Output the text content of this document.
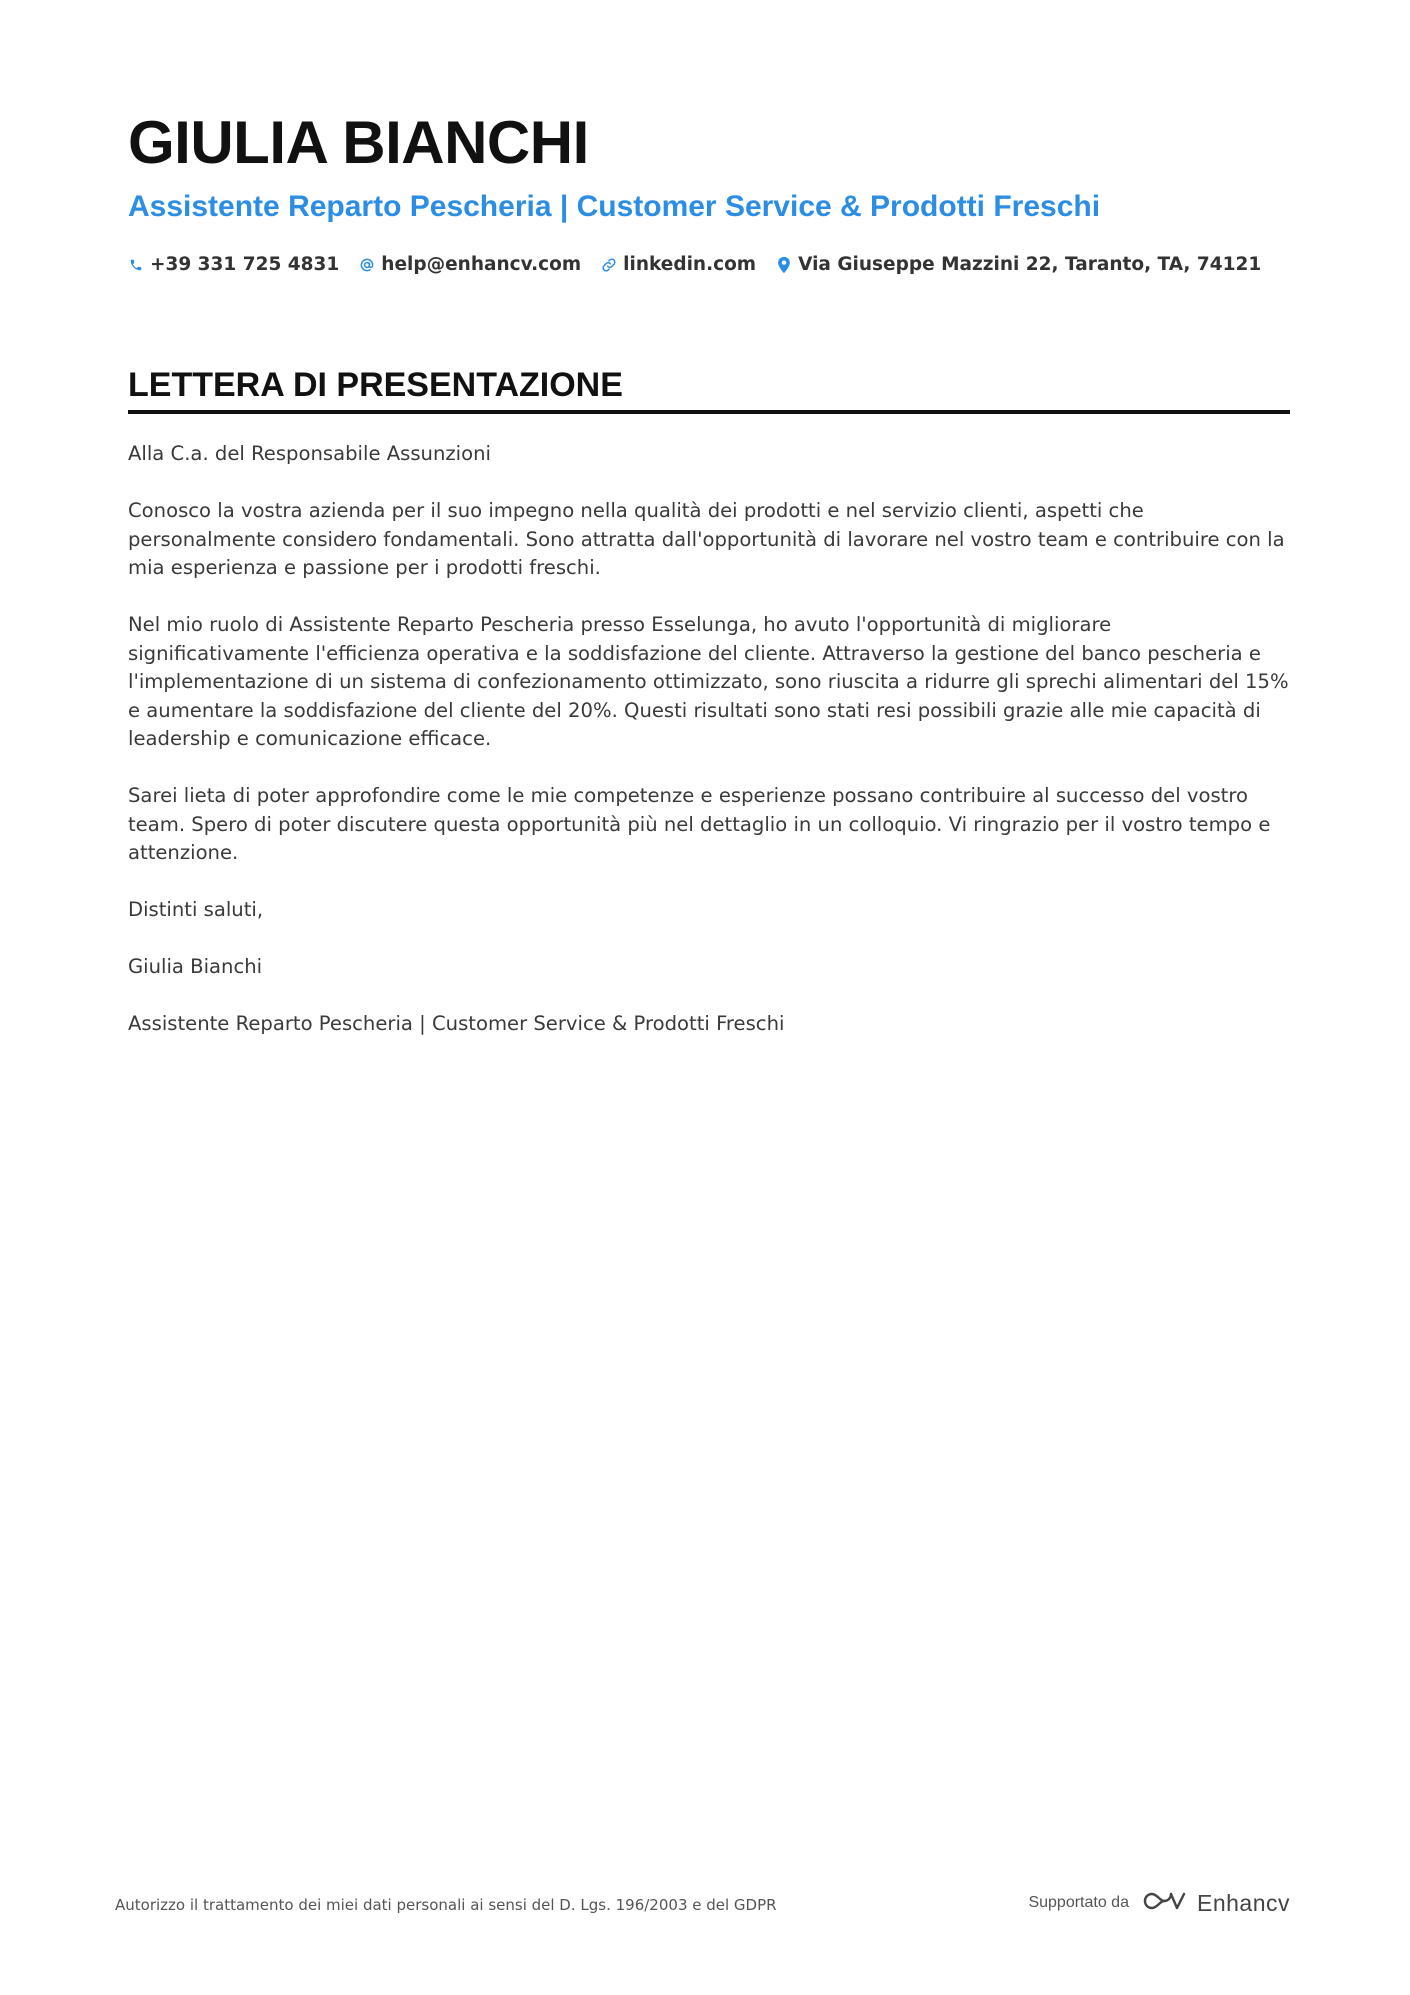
GIULIA BIANCHI
Assistente Reparto Pescheria | Customer Service & Prodotti Freschi
+39 331 725 4831 help@enhancv.com linkedin.com Via Giuseppe Mazzini 22, Taranto, TA, 74121
LETTERA DI PRESENTAZIONE

Alla C.a. del Responsabile Assunzioni

Conosco la vostra azienda per il suo impegno nella qualità dei prodotti e nel servizio clienti, aspetti che personalmente considero fondamentali. Sono attratta dall'opportunità di lavorare nel vostro team e contribuire con la mia esperienza e passione per i prodotti freschi.

Nel mio ruolo di Assistente Reparto Pescheria presso Esselunga, ho avuto l'opportunità di migliorare significativamente l'efficienza operativa e la soddisfazione del cliente. Attraverso la gestione del banco pescheria e l'implementazione di un sistema di confezionamento ottimizzato, sono riuscita a ridurre gli sprechi alimentari del 15% e aumentare la soddisfazione del cliente del 20%. Questi risultati sono stati resi possibili grazie alle mie capacità di leadership e comunicazione efficace.

Sarei lieta di poter approfondire come le mie competenze e esperienze possano contribuire al successo del vostro team. Spero di poter discutere questa opportunità più nel dettaglio in un colloquio. Vi ringrazio per il vostro tempo e attenzione.

Distinti saluti,

Giulia Bianchi

Assistente Reparto Pescheria | Customer Service & Prodotti Freschi

Autorizzo il trattamento dei miei dati personali ai sensi del D. Lgs. 196/2003 e del GDPR	Supportato da	Enhancv
